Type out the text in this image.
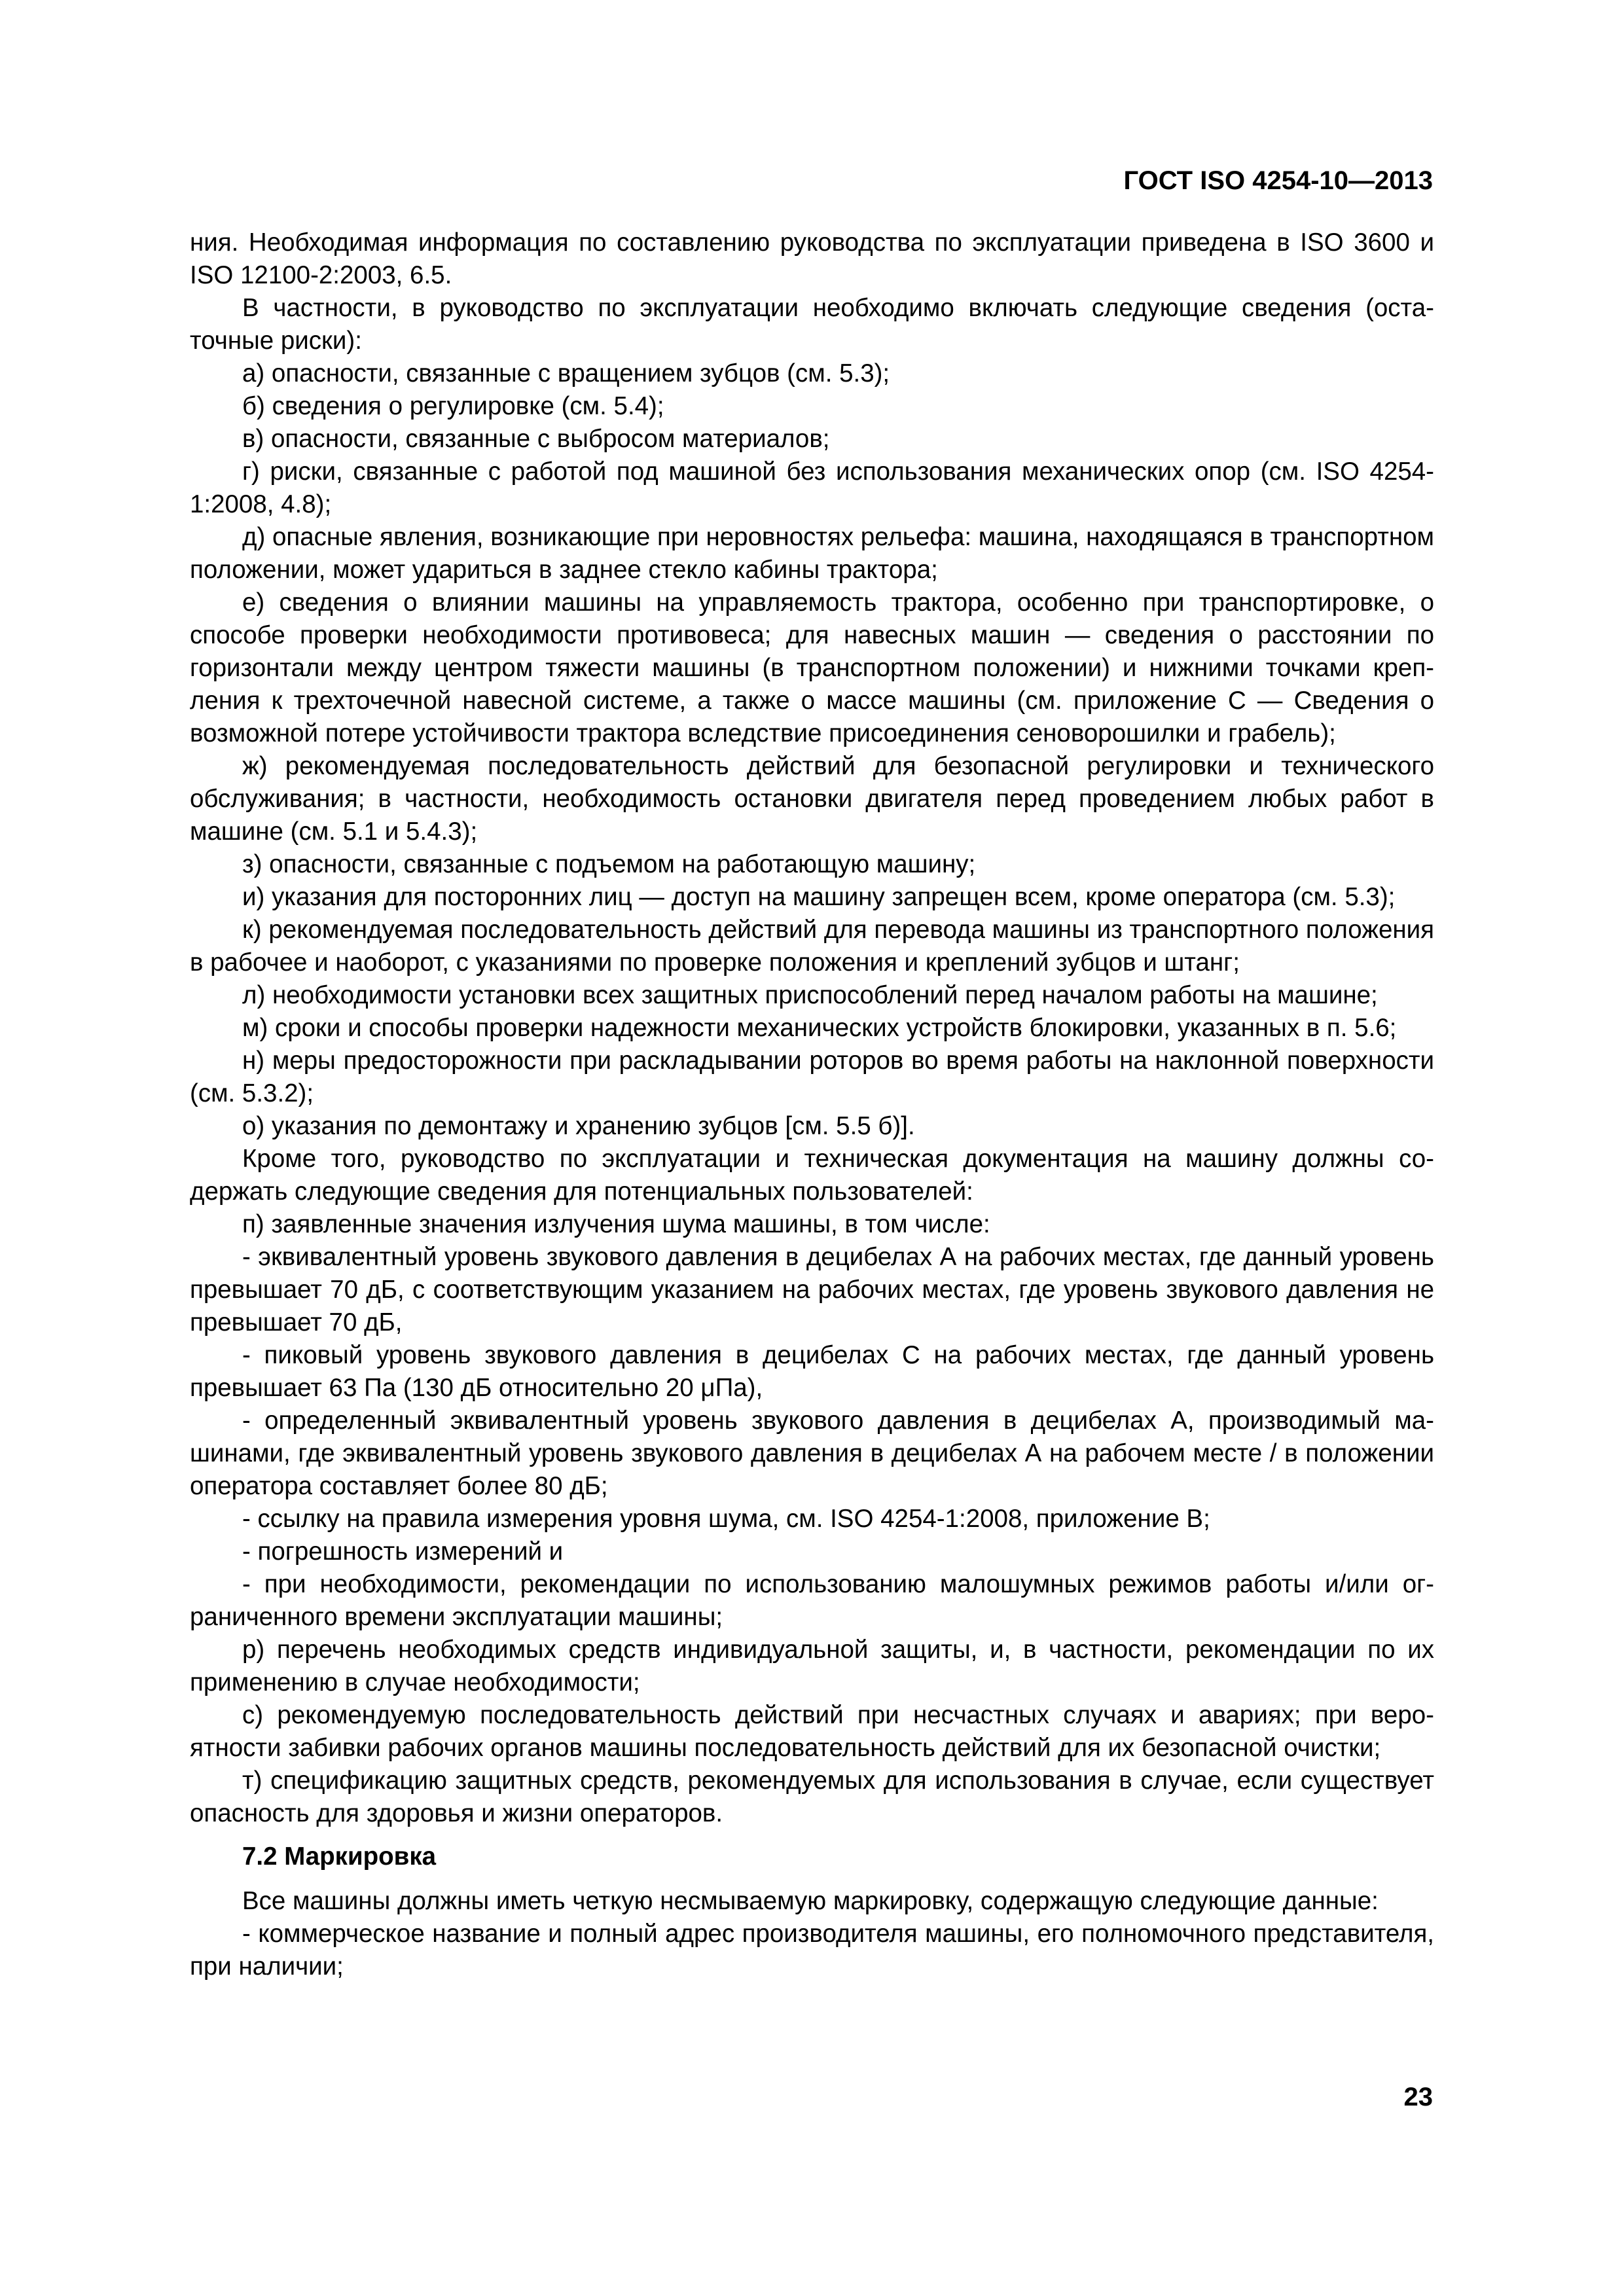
ГОСТ ISO 4254-10—2013

ния. Необходимая информация по составлению руководства по эксплуатации приведена в ISO 3600 и ISO 12100-2:2003, 6.5.

В частности, в руководство по эксплуатации необходимо включать следующие сведения (остаточные риски):

а) опасности, связанные с вращением зубцов (см. 5.3);

б) сведения о регулировке (см. 5.4);

в) опасности, связанные с выбросом материалов;

г) риски, связанные с работой под машиной без использования механических опор (см. ISO 4254-1:2008, 4.8);

д) опасные явления, возникающие при неровностях рельефа: машина, находящаяся в транспортном положении, может удариться в заднее стекло кабины трактора;

е) сведения о влиянии машины на управляемость трактора, особенно при транспортировке, о способе проверки необходимости противовеса; для навесных машин — сведения о расстоянии по горизонтали между центром тяжести машины (в транспортном положении) и нижними точками крепления к трехточечной навесной системе, а также о массе машины (см. приложение С — Сведения о возможной потере устойчивости трактора вследствие присоединения сеноворошилки и грабель);

ж) рекомендуемая последовательность действий для безопасной регулировки и технического обслуживания; в частности, необходимость остановки двигателя перед проведением любых работ в машине (см. 5.1 и 5.4.3);

з) опасности, связанные с подъемом на работающую машину;

и) указания для посторонних лиц — доступ на машину запрещен всем, кроме оператора (см. 5.3);

к) рекомендуемая последовательность действий для перевода машины из транспортного положения в рабочее и наоборот, с указаниями по проверке положения и креплений зубцов и штанг;

л) необходимости установки всех защитных приспособлений перед началом работы на машине;

м) сроки и способы проверки надежности механических устройств блокировки, указанных в п. 5.6;

н) меры предосторожности при раскладывании роторов во время работы на наклонной поверхности (см. 5.3.2);

о) указания по демонтажу и хранению зубцов [см. 5.5 б)].

Кроме того, руководство по эксплуатации и техническая документация на машину должны содержать следующие сведения для потенциальных пользователей:

п) заявленные значения излучения шума машины, в том числе:

- эквивалентный уровень звукового давления в децибелах А на рабочих местах, где данный уровень превышает 70 дБ, с соответствующим указанием на рабочих местах, где уровень звукового давления не превышает 70 дБ,

- пиковый уровень звукового давления в децибелах С на рабочих местах, где данный уровень превышает 63 Па (130 дБ относительно 20 μПа),

- определенный эквивалентный уровень звукового давления в децибелах А, производимый машинами, где эквивалентный уровень звукового давления в децибелах А на рабочем месте / в положении оператора составляет более 80 дБ;

- ссылку на правила измерения уровня шума, см. ISO 4254-1:2008, приложение В;

- погрешность измерений и

- при необходимости, рекомендации по использованию малошумных режимов работы и/или ограниченного времени эксплуатации машины;

р) перечень необходимых средств индивидуальной защиты, и, в частности, рекомендации по их применению в случае необходимости;

с) рекомендуемую последовательность действий при несчастных случаях и авариях; при вероятности забивки рабочих органов машины последовательность действий для их безопасной очистки;

т) спецификацию защитных средств, рекомендуемых для использования в случае, если существует опасность для здоровья и жизни операторов.

7.2 Маркировка

Все машины должны иметь четкую несмываемую маркировку, содержащую следующие данные:

- коммерческое название и полный адрес производителя машины, его полномочного представителя, при наличии;

23
